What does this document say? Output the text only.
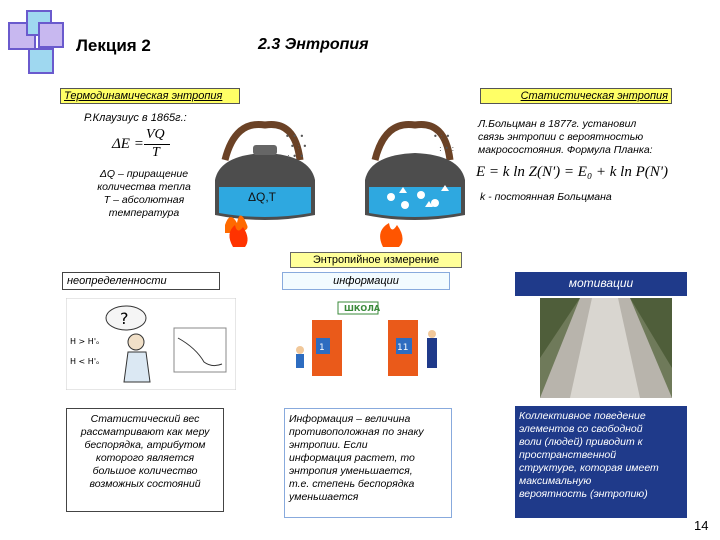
Лекция 2	2.3 Энтропия
Термодинамическая энтропия
Р.Клаузиус в 1865г.:
ΔE =
VQ
T
ΔQ – приращение
количества тепла
T – абсолютная
температура
• • •
• : •
: • •
ΔQ,T
• : •
: • :
Статистическая энтропия
Л.Больцман в 1877г. установил
связь энтропии с вероятностью
макросостояния. Формула Планка:
E = k ln Z(N') = E₀ + k ln P(N')
k - постоянная Больцмана
Энтропийное измерение
неопределенности	информации	мотивации
?
H > H'ₒ
H < H'ₒ
ШКОЛА
1	11
Статистический вес
рассматривают как меру
беспорядка, атрибутом
которого является
большое количество
возможных состояний
Информация – величина
противоположная по знаку
энтропии. Если
информация растет, то
энтропия уменьшается,
т.е. степень беспорядка
уменьшается
Коллективное поведение
элементов со свободной
воли (людей) приводит к
пространственной
структуре, которая имеет
максимальную
вероятность (энтропию)
14
